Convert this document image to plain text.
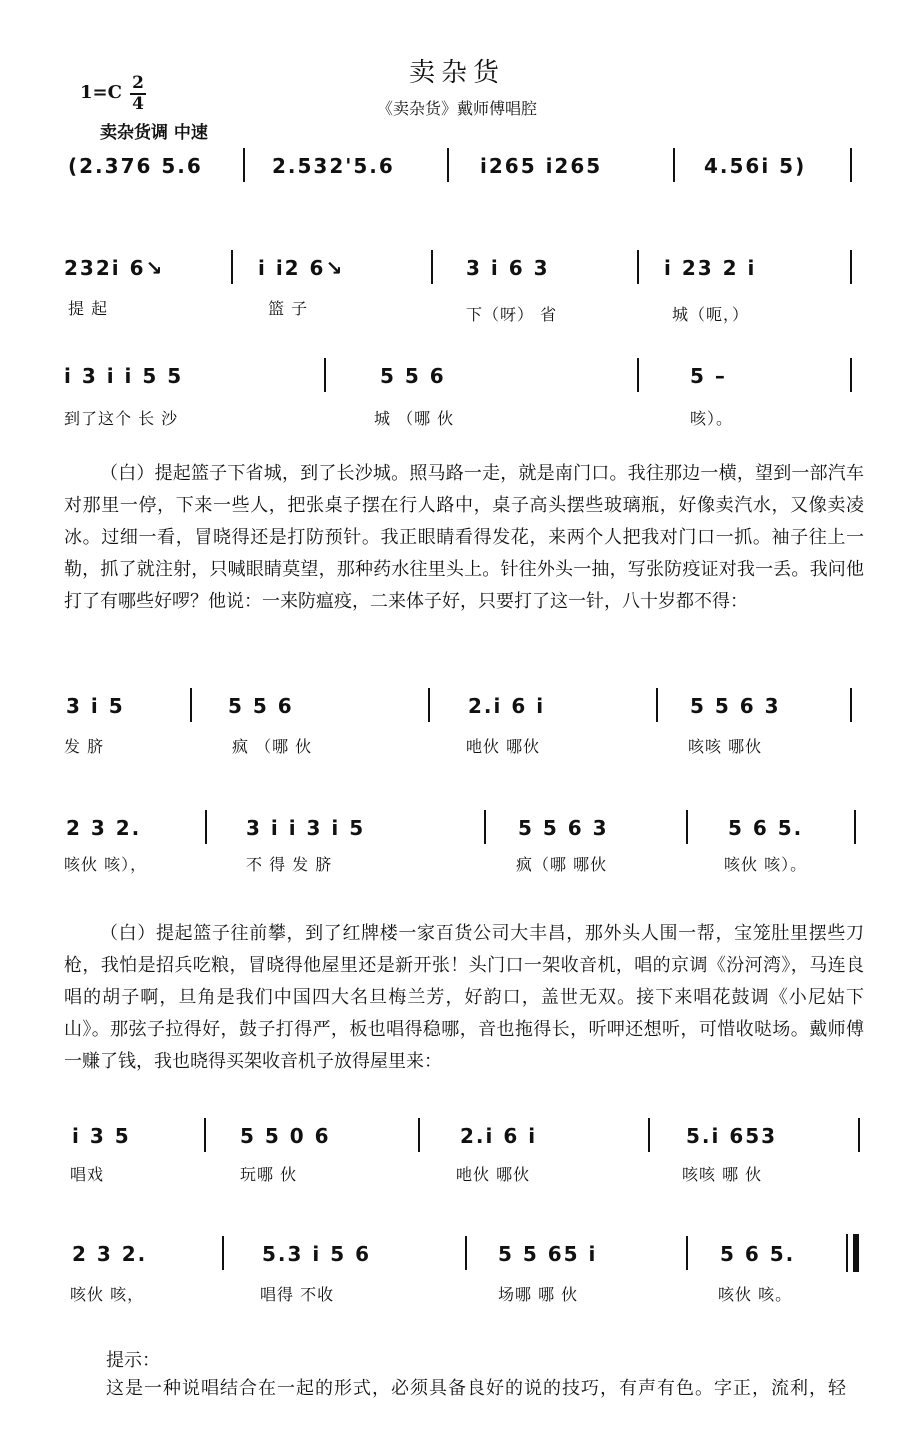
卖杂货
《卖杂货》戴师傅唱腔
1=C 2
4
卖杂货调 中速
(2.376 5.6	2.532'5.6	i265 i265	4.56i 5)
232i 6↘
提 起
i i2 6↘
篮 子
3 i 6 3
下（呀） 省
i 23 2 i
城（呃，）
i 3 i i 5 5
到了这个 长 沙
5 5 6
城 （哪 伙
5 –
咳）。

（白）提起篮子下省城，到了长沙城。照马路一走，就是南门口。我往那边一横，望到一部汽车对那里一停，下来一些人，把张桌子摆在行人路中，桌子高头摆些玻璃瓶，好像卖汽水，又像卖凌冰。过细一看，冒晓得还是打防预针。我正眼睛看得发花，来两个人把我对门口一抓。袖子往上一勒，抓了就注射，只喊眼睛莫望，那种药水往里头上。针往外头一抽，写张防疫证对我一丢。我问他打了有哪些好啰？他说：一来防瘟疫，二来体子好，只要打了这一针，八十岁都不得：

3 i 5
发 脐
5 5 6
疯 （哪 伙
2.i 6 i
吔伙 哪伙
5 5 6 3
咳咳 哪伙
2 3 2.
咳伙 咳），
3 i i 3 i 5
不 得 发 脐
5 5 6 3
疯（哪 哪伙
5 6 5.
咳伙 咳）。

（白）提起篮子往前攀，到了红牌楼一家百货公司大丰昌，那外头人围一帮，宝笼肚里摆些刀枪，我怕是招兵吃粮，冒晓得他屋里还是新开张！头门口一架收音机，唱的京调《汾河湾》，马连良唱的胡子啊，旦角是我们中国四大名旦梅兰芳，好韵口，盖世无双。接下来唱花鼓调《小尼姑下山》。那弦子拉得好，鼓子打得严，板也唱得稳哪，音也拖得长，听呷还想听，可惜收哒场。戴师傅一赚了钱，我也晓得买架收音机子放得屋里来：

i 3 5
唱戏
5 5 0 6
玩哪 伙
2.i 6 i
吔伙 哪伙
5.i 653
咳咳 哪 伙
2 3 2.
咳伙 咳，
5.3 i 5 6
唱得 不收
5 5 65 i
场哪 哪 伙
5 6 5.
咳伙 咳。
提示：
这是一种说唱结合在一起的形式，必须具备良好的说的技巧，有声有色。字正，流利，轻
